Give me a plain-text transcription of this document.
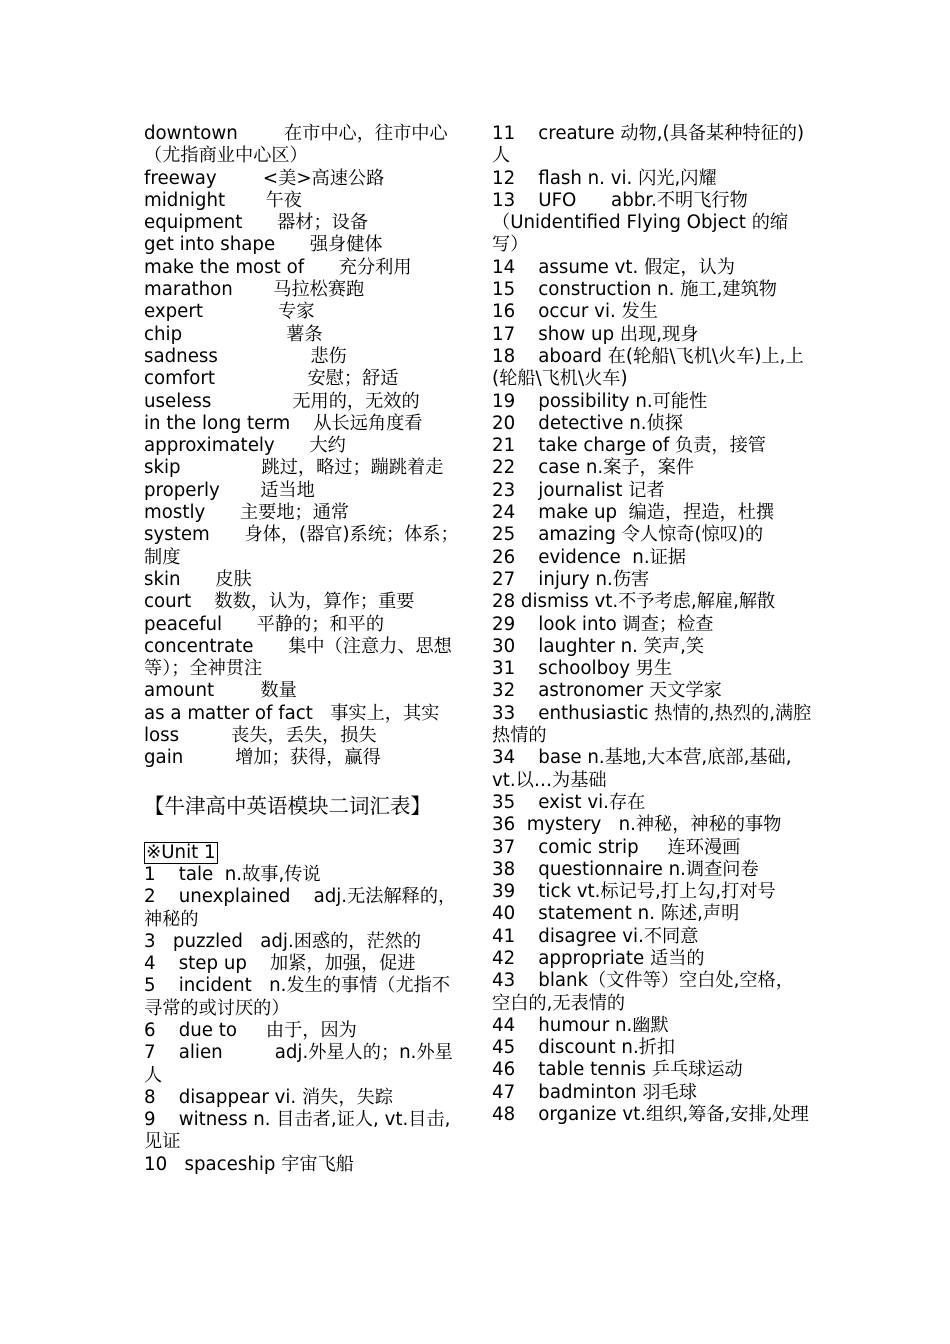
downtown        在市中心，往市中心（尤指商业中心区）
freeway        <美>高速公路
midnight       午夜
equipment      器材；设备
get into shape      强身健体
make the most of      充分利用
marathon       马拉松赛跑
expert             专家
chip                  薯条
sadness                悲伤
comfort                安慰；舒适
useless              无用的，无效的
in the long term    从长远角度看
approximately      大约
skip              跳过，略过；蹦跳着走
properly       适当地
mostly      主要地；通常
system      身体，(器官)系统；体系；制度
skin      皮肤
court    数数，认为，算作；重要
peaceful      平静的；和平的
concentrate      集中（注意力、思想等）；全神贯注
amount        数量
as a matter of fact   事实上，其实
loss         丧失，丢失，损失
gain         增加；获得，赢得
【牛津高中英语模块二词汇表】
※Unit 1
1    tale  n.故事,传说
2    unexplained    adj.无法解释的，神秘的
3   puzzled   adj.困惑的，茫然的
4    step up    加紧，加强，促进
5    incident   n.发生的事情（尤指不寻常的或讨厌的）
6    due to     由于，因为
7    alien         adj.外星人的；n.外星人
8    disappear vi. 消失，失踪
9    witness n. 目击者,证人, vt.目击,见证
10   spaceship 宇宙飞船
11    creature 动物,(具备某种特征的)人
12    flash n. vi. 闪光,闪耀
13    UFO      abbr.不明飞行物（Unidentified Flying Object 的缩写）
14    assume vt. 假定，认为
15    construction n. 施工,建筑物
16    occur vi. 发生
17    show up 出现,现身
18    aboard 在(轮船\飞机\火车)上,上(轮船\飞机\火车)
19    possibility n.可能性
20    detective n.侦探
21    take charge of 负责，接管
22    case n.案子，案件
23    journalist 记者
24    make up  编造，捏造，杜撰
25    amazing 令人惊奇(惊叹)的
26    evidence  n.证据
27    injury n.伤害
28 dismiss vt.不予考虑,解雇,解散
29    look into 调查；检查
30    laughter n. 笑声,笑
31    schoolboy 男生
32    astronomer 天文学家
33    enthusiastic 热情的,热烈的,满腔热情的
34    base n.基地,大本营,底部,基础, vt.以…为基础
35    exist vi.存在
36  mystery   n.神秘，神秘的事物
37    comic strip     连环漫画
38    questionnaire n.调查问卷
39    tick vt.标记号,打上勾,打对号
40    statement n. 陈述,声明
41    disagree vi.不同意
42    appropriate 适当的
43    blank（文件等）空白处,空格，空白的,无表情的
44    humour n.幽默
45    discount n.折扣
46    table tennis 乒乓球运动
47    badminton 羽毛球
48    organize vt.组织,筹备,安排,处理
